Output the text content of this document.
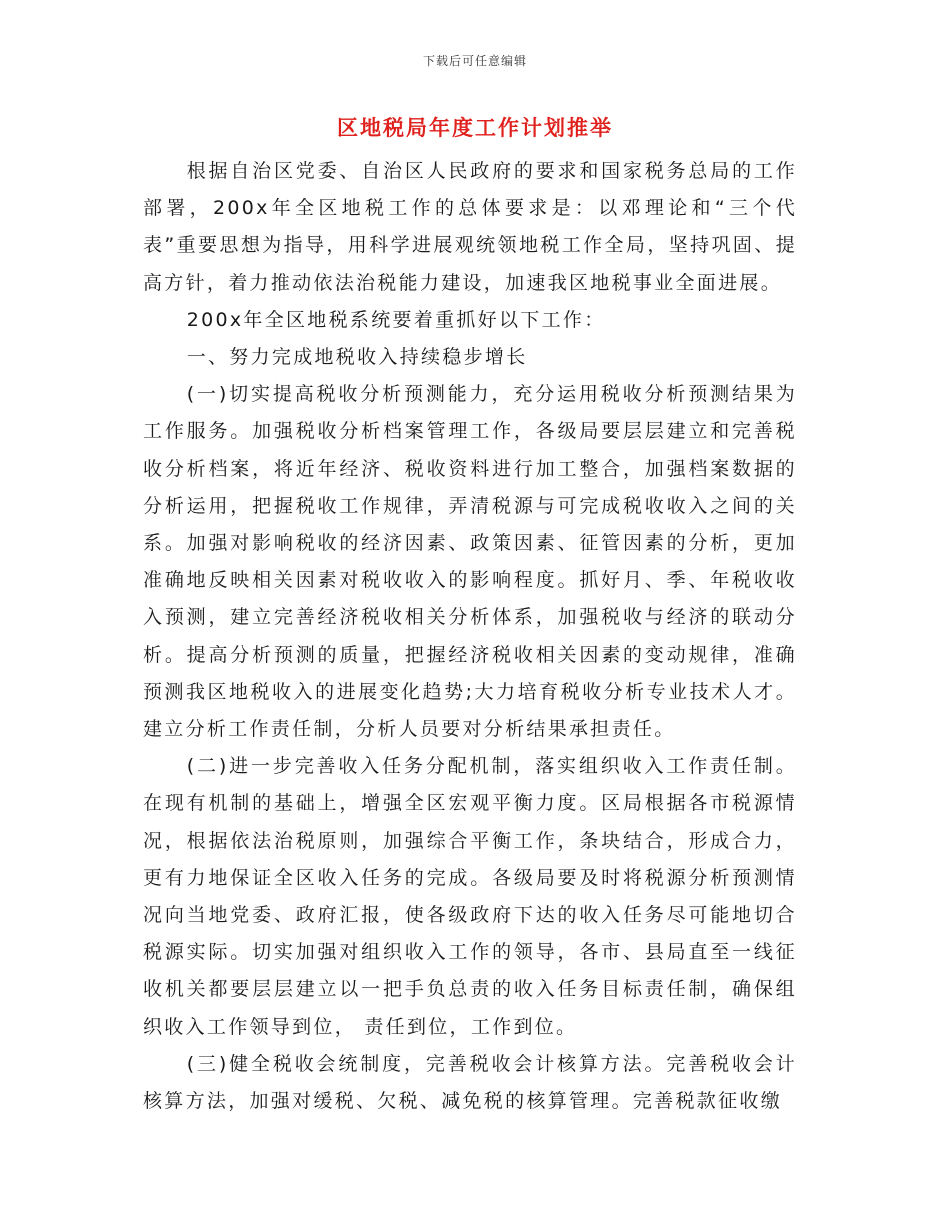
下载后可任意编辑
区地税局年度工作计划推举

根据自治区党委、自治区人民政府的要求和国家税务总局的工作部署，200x年全区地税工作的总体要求是：以邓理论和“三个代表”重要思想为指导，用科学进展观统领地税工作全局，坚持巩固、提高方针，着力推动依法治税能力建设，加速我区地税事业全面进展。

200x年全区地税系统要着重抓好以下工作：

一、努力完成地税收入持续稳步增长

(一)切实提高税收分析预测能力，充分运用税收分析预测结果为工作服务。加强税收分析档案管理工作，各级局要层层建立和完善税收分析档案，将近年经济、税收资料进行加工整合，加强档案数据的分析运用，把握税收工作规律，弄清税源与可完成税收收入之间的关系。加强对影响税收的经济因素、政策因素、征管因素的分析，更加准确地反映相关因素对税收收入的影响程度。抓好月、季、年税收收入预测，建立完善经济税收相关分析体系，加强税收与经济的联动分析。提高分析预测的质量，把握经济税收相关因素的变动规律，准确预测我区地税收入的进展变化趋势;大力培育税收分析专业技术人才。建立分析工作责任制，分析人员要对分析结果承担责任。

(二)进一步完善收入任务分配机制，落实组织收入工作责任制。在现有机制的基础上，增强全区宏观平衡力度。区局根据各市税源情况，根据依法治税原则，加强综合平衡工作，条块结合，形成合力，更有力地保证全区收入任务的完成。各级局要及时将税源分析预测情况向当地党委、政府汇报，使各级政府下达的收入任务尽可能地切合税源实际。切实加强对组织收入工作的领导，各市、县局直至一线征收机关都要层层建立以一把手负总责的收入任务目标责任制，确保组织收入工作领导到位， 责任到位，工作到位。

(三)健全税收会统制度，完善税收会计核算方法。完善税收会计核算方法，加强对缓税、欠税、减免税的核算管理。完善税款征收缴
